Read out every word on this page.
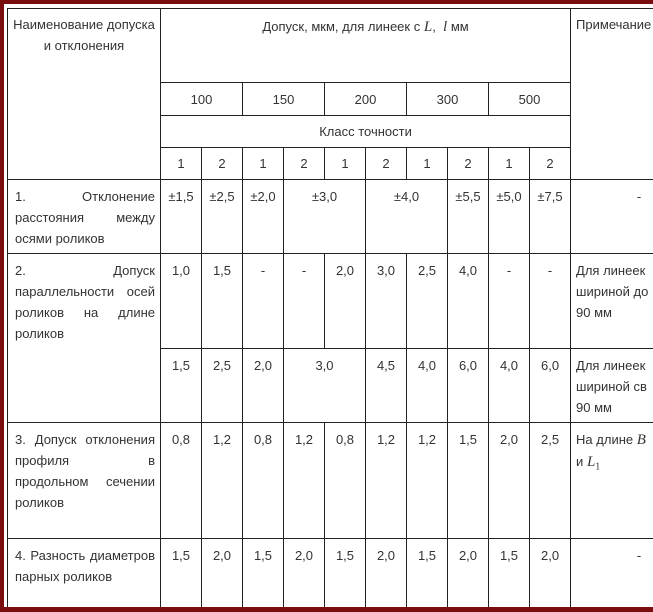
Наименование допуска и отклонения	Допуск, мкм, для линеек с L, l мм										Примечание
	100		150		200		300		500		
	Класс точности										
	1	2	1	2	1	2	1	2	1	2	
1. Отклонение расстояния между осями роликов	±1,5	±2,5	±2,0	±3,0		±4,0		±5,5	±5,0	±7,5	-
2. Допуск параллельности осей роликов на длине роликов	1,0	1,5	-	-	2,0	3,0	2,5	4,0	-	-	Для линеек
шириной до
90 мм

	1,5	2,5	2,0	3,0		4,5	4,0	6,0	4,0	6,0	Для линеек
шириной св
90 мм

3. Допуск отклонения профиля в продольном сечении роликов	0,8	1,2	0,8	1,2	0,8	1,2	1,2	1,5	2,0	2,5	На длине B
и $L_1$

4. Разность диаметров парных роликов	1,5	2,0	1,5	2,0	1,5	2,0	1,5	2,0	1,5	2,0	-
